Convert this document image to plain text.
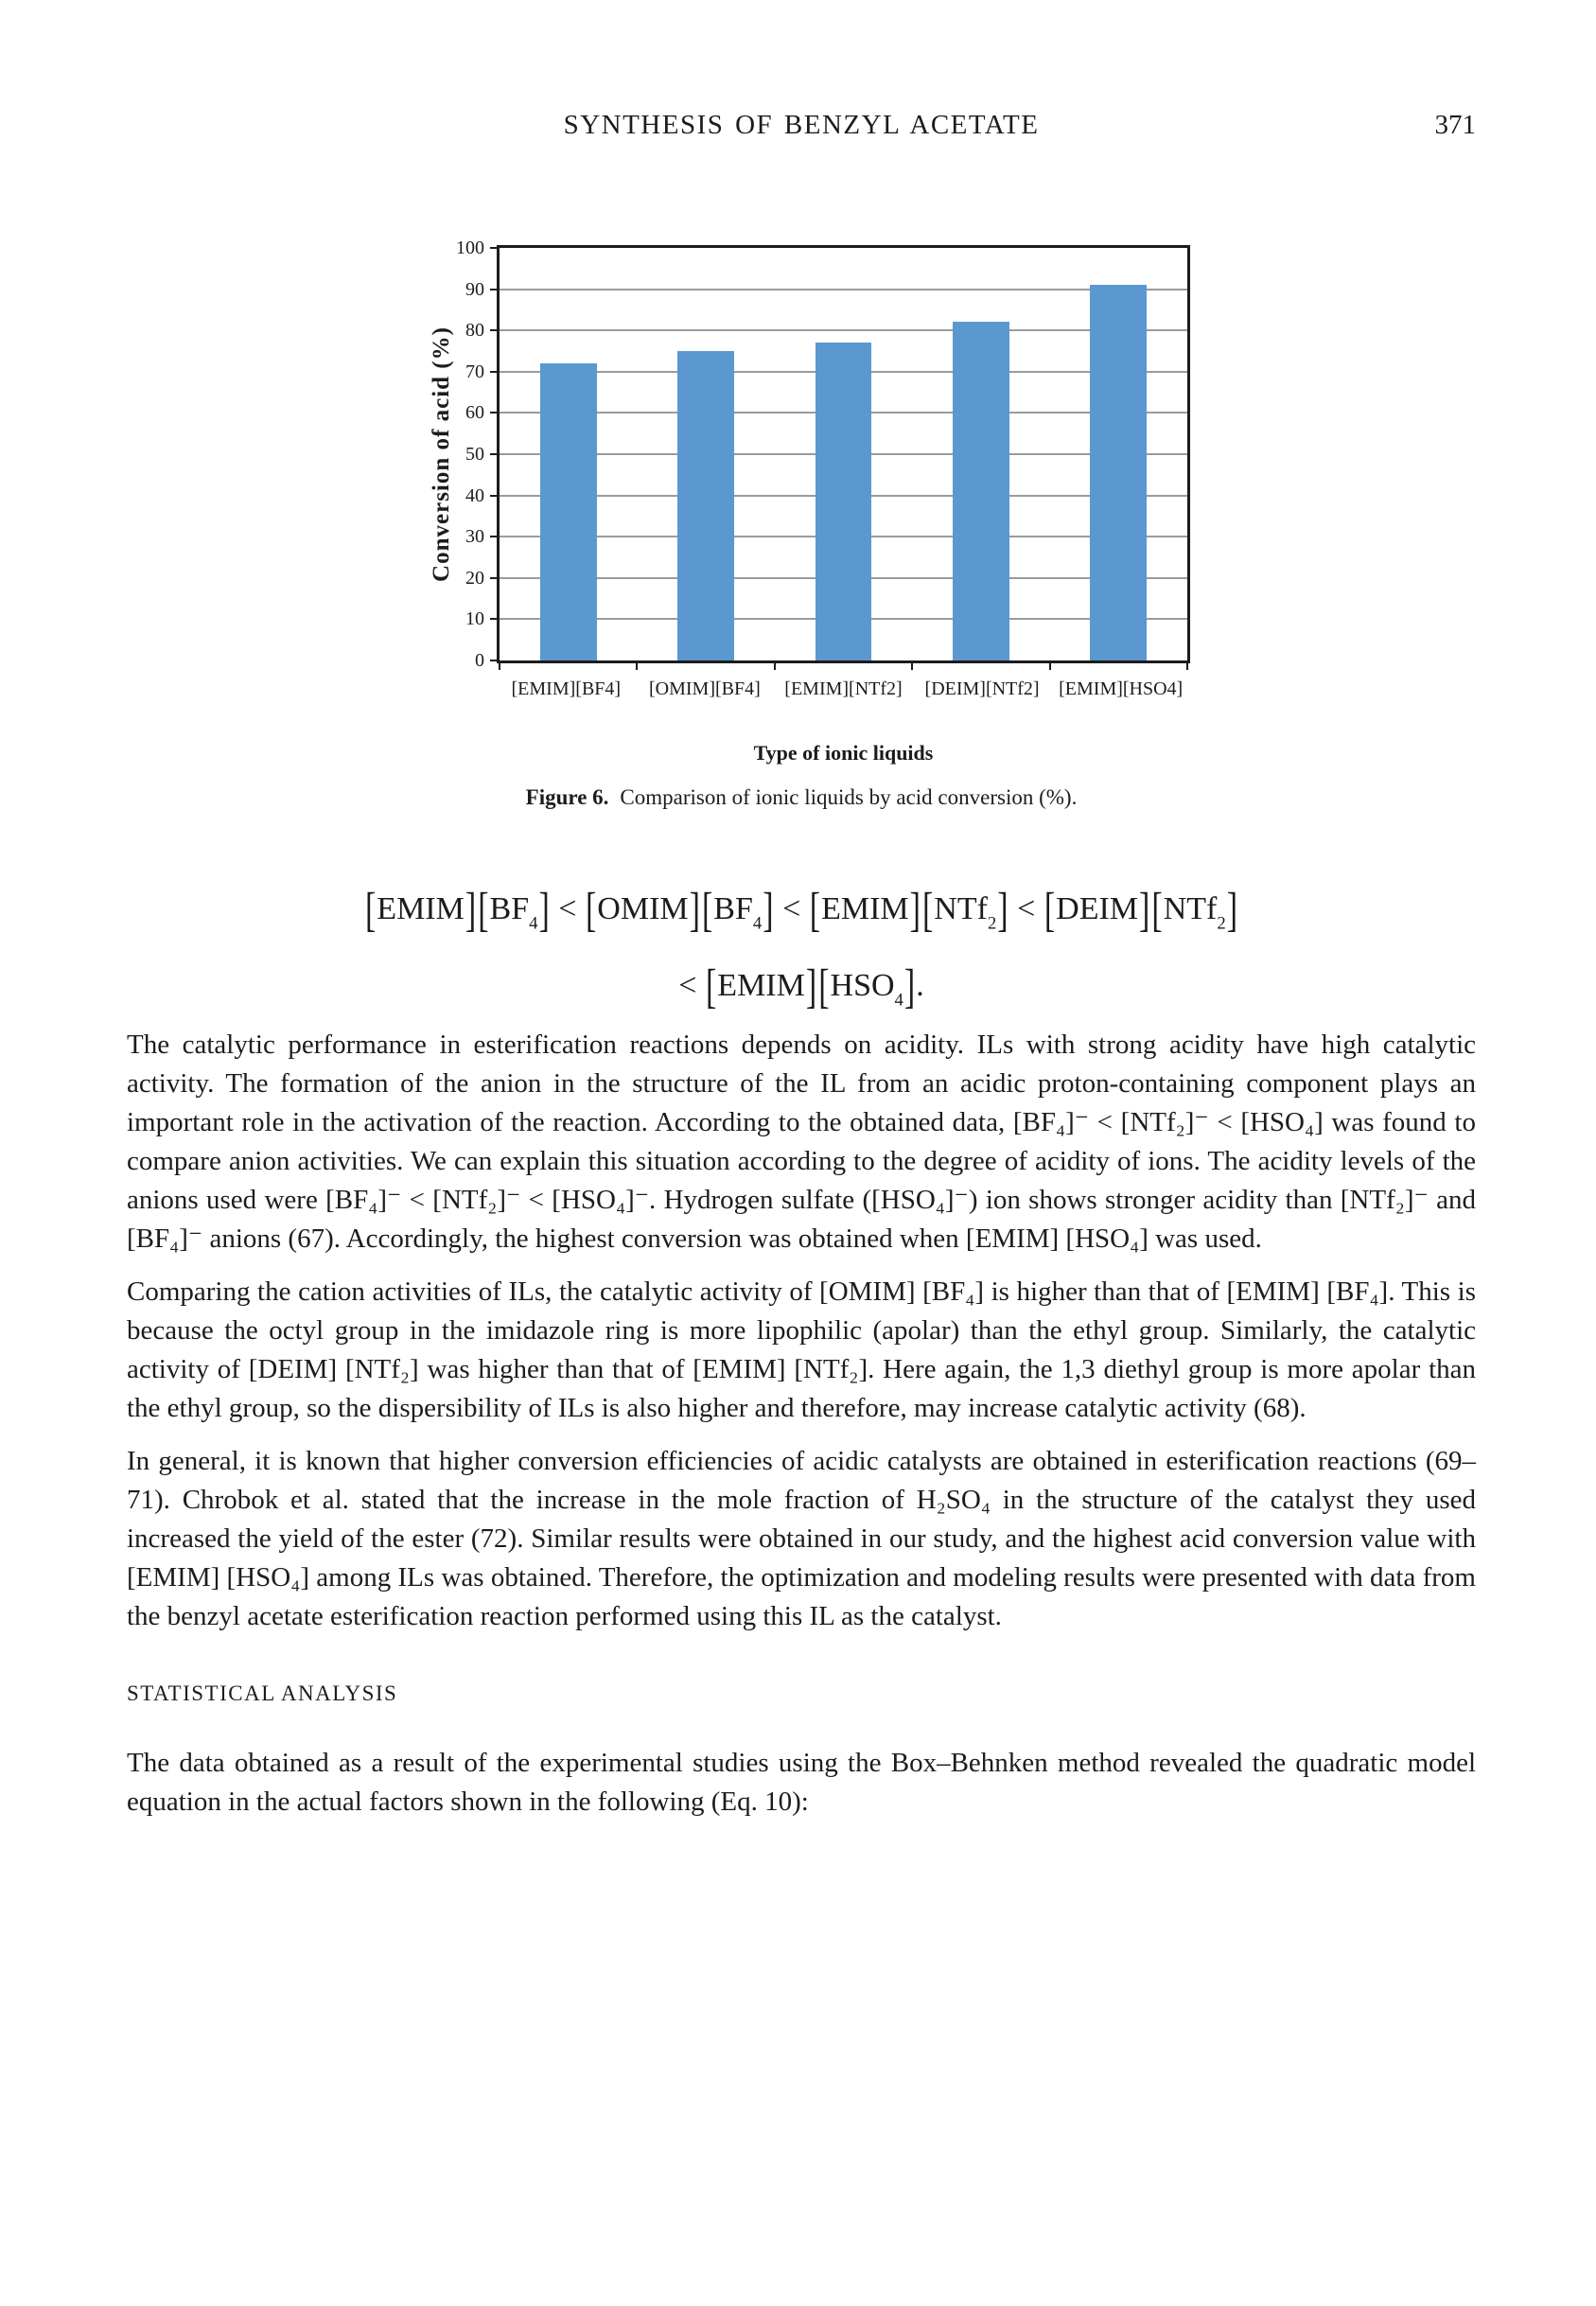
SYNTHESIS OF BENZYL ACETATE	371
Conversion of acid (%)
0
10
20
30
40
50
60
70
80
90
100
[EMIM][BF4]	[OMIM][BF4]	[EMIM][NTf2]	[DEIM][NTf2]	[EMIM][HSO4]
Type of ionic liquids
Figure 6. Comparison of ionic liquids by acid conversion (%).
$[EMIM][BF_4]$ < $[OMIM][BF_4]$ < [EMIM][NTf$_2$] < [DEIM][NTf$_2$]
< $[EMIM][HSO_4]$.

The catalytic performance in esterification reactions depends on acidity. ILs with strong acidity have high catalytic activity. The formation of the anion in the structure of the IL from an acidic proton-containing component plays an important role in the activation of the reaction. According to the obtained data, [BF₄]⁻ < [NTf₂]⁻ < [HSO₄] was found to compare anion activities. We can explain this situation according to the degree of acidity of ions. The acidity levels of the anions used were [BF₄]⁻ < [NTf₂]⁻ < [HSO₄]⁻. Hydrogen sulfate ([HSO₄]⁻) ion shows stronger acidity than [NTf₂]⁻ and [BF₄]⁻ anions (67). Accordingly, the highest conversion was obtained when [EMIM] [HSO₄] was used.

Comparing the cation activities of ILs, the catalytic activity of [OMIM] [BF₄] is higher than that of [EMIM] [BF₄]. This is because the octyl group in the imidazole ring is more lipophilic (apolar) than the ethyl group. Similarly, the catalytic activity of [DEIM] [NTf₂] was higher than that of [EMIM] [NTf₂]. Here again, the 1,3 diethyl group is more apolar than the ethyl group, so the dispersibility of ILs is also higher and therefore, may increase catalytic activity (68).

In general, it is known that higher conversion efficiencies of acidic catalysts are obtained in esterification reactions (69–71). Chrobok et al. stated that the increase in the mole fraction of H₂SO₄ in the structure of the catalyst they used increased the yield of the ester (72). Similar results were obtained in our study, and the highest acid conversion value with [EMIM] [HSO₄] among ILs was obtained. Therefore, the optimization and modeling results were presented with data from the benzyl acetate esterification reaction performed using this IL as the catalyst.

STATISTICAL ANALYSIS

The data obtained as a result of the experimental studies using the Box–Behnken method revealed the quadratic model equation in the actual factors shown in the following (Eq. 10):
